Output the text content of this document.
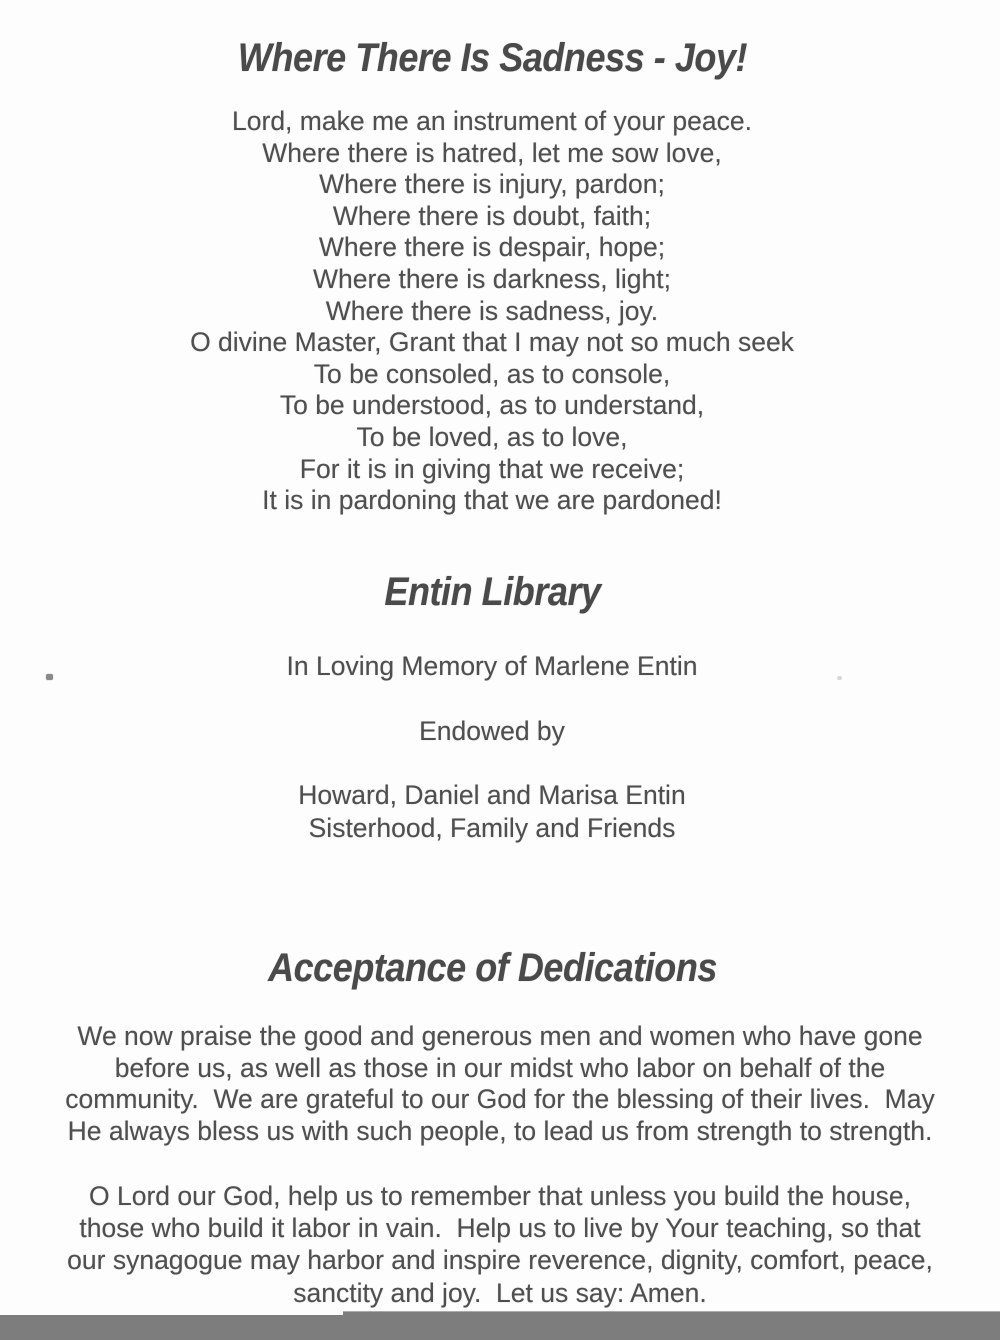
Where There Is Sadness - Joy!
Lord, make me an instrument of your peace.
Where there is hatred, let me sow love,
Where there is injury, pardon;
Where there is doubt, faith;
Where there is despair, hope;
Where there is darkness, light;
Where there is sadness, joy.
O divine Master, Grant that I may not so much seek
To be consoled, as to console,
To be understood, as to understand,
To be loved, as to love,
For it is in giving that we receive;
It is in pardoning that we are pardoned!
Entin Library
In Loving Memory of Marlene Entin
Endowed by
Howard, Daniel and Marisa Entin
Sisterhood, Family and Friends
Acceptance of Dedications
We now praise the good and generous men and women who have gone
before us, as well as those in our midst who labor on behalf of the
community.  We are grateful to our God for the blessing of their lives.  May
He always bless us with such people, to lead us from strength to strength.
O Lord our God, help us to remember that unless you build the house,
those who build it labor in vain.  Help us to live by Your teaching, so that
our synagogue may harbor and inspire reverence, dignity, comfort, peace,
sanctity and joy.  Let us say: Amen.
